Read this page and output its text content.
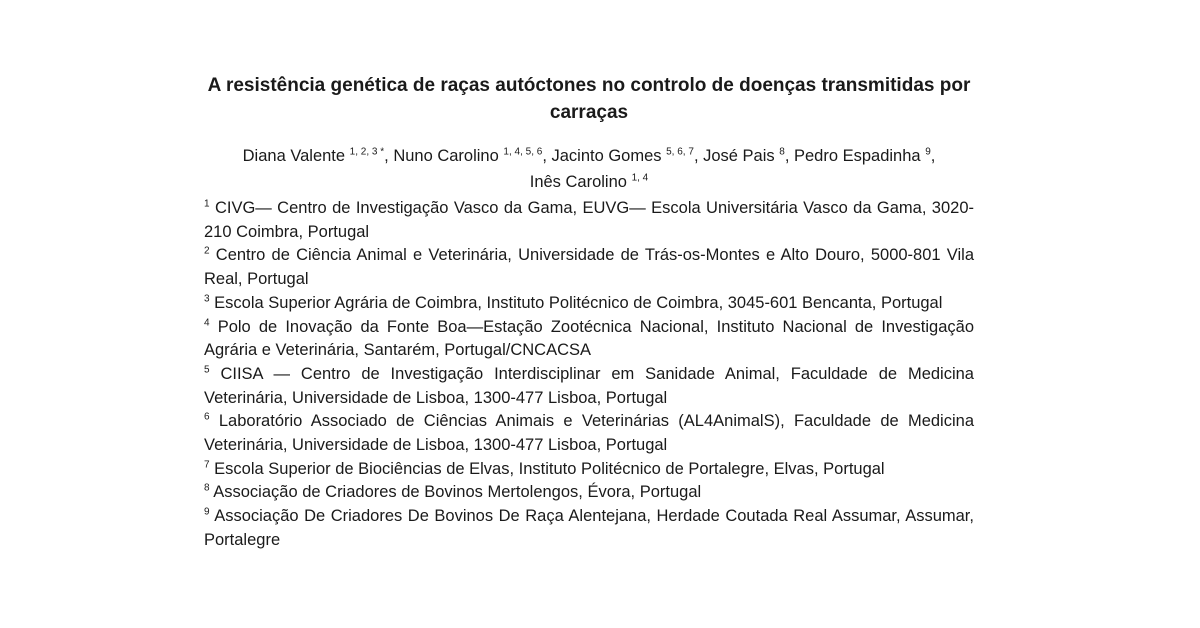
A resistência genética de raças autóctones no controlo de doenças transmitidas por carraças

Diana Valente $^{1, 2, 3 *}$, Nuno Carolino $^{1, 4, 5, 6}$, Jacinto Gomes $^{5, 6, 7}$, José Pais $^8$, Pedro Espadinha $^9$,
Inês Carolino $^{1, 4}$

$^1$ CIVG— Centro de Investigação Vasco da Gama, EUVG— Escola Universitária Vasco da Gama, 3020-210 Coimbra, Portugal

$^2$ Centro de Ciência Animal e Veterinária, Universidade de Trás-os-Montes e Alto Douro, 5000-801 Vila Real, Portugal

$^3$ Escola Superior Agrária de Coimbra, Instituto Politécnico de Coimbra, 3045-601 Bencanta, Portugal

$^4$ Polo de Inovação da Fonte Boa—Estação Zootécnica Nacional, Instituto Nacional de Investigação Agrária e Veterinária, Santarém, Portugal/CNCACSA

$^5$ CIISA — Centro de Investigação Interdisciplinar em Sanidade Animal, Faculdade de Medicina Veterinária, Universidade de Lisboa, 1300-477 Lisboa, Portugal

$^6$ Laboratório Associado de Ciências Animais e Veterinárias (AL4AnimalS), Faculdade de Medicina Veterinária, Universidade de Lisboa, 1300-477 Lisboa, Portugal

$^7$ Escola Superior de Biociências de Elvas, Instituto Politécnico de Portalegre, Elvas, Portugal

$^8$ Associação de Criadores de Bovinos Mertolengos, Évora, Portugal

$^9$ Associação De Criadores De Bovinos De Raça Alentejana, Herdade Coutada Real Assumar, Assumar, Portalegre
